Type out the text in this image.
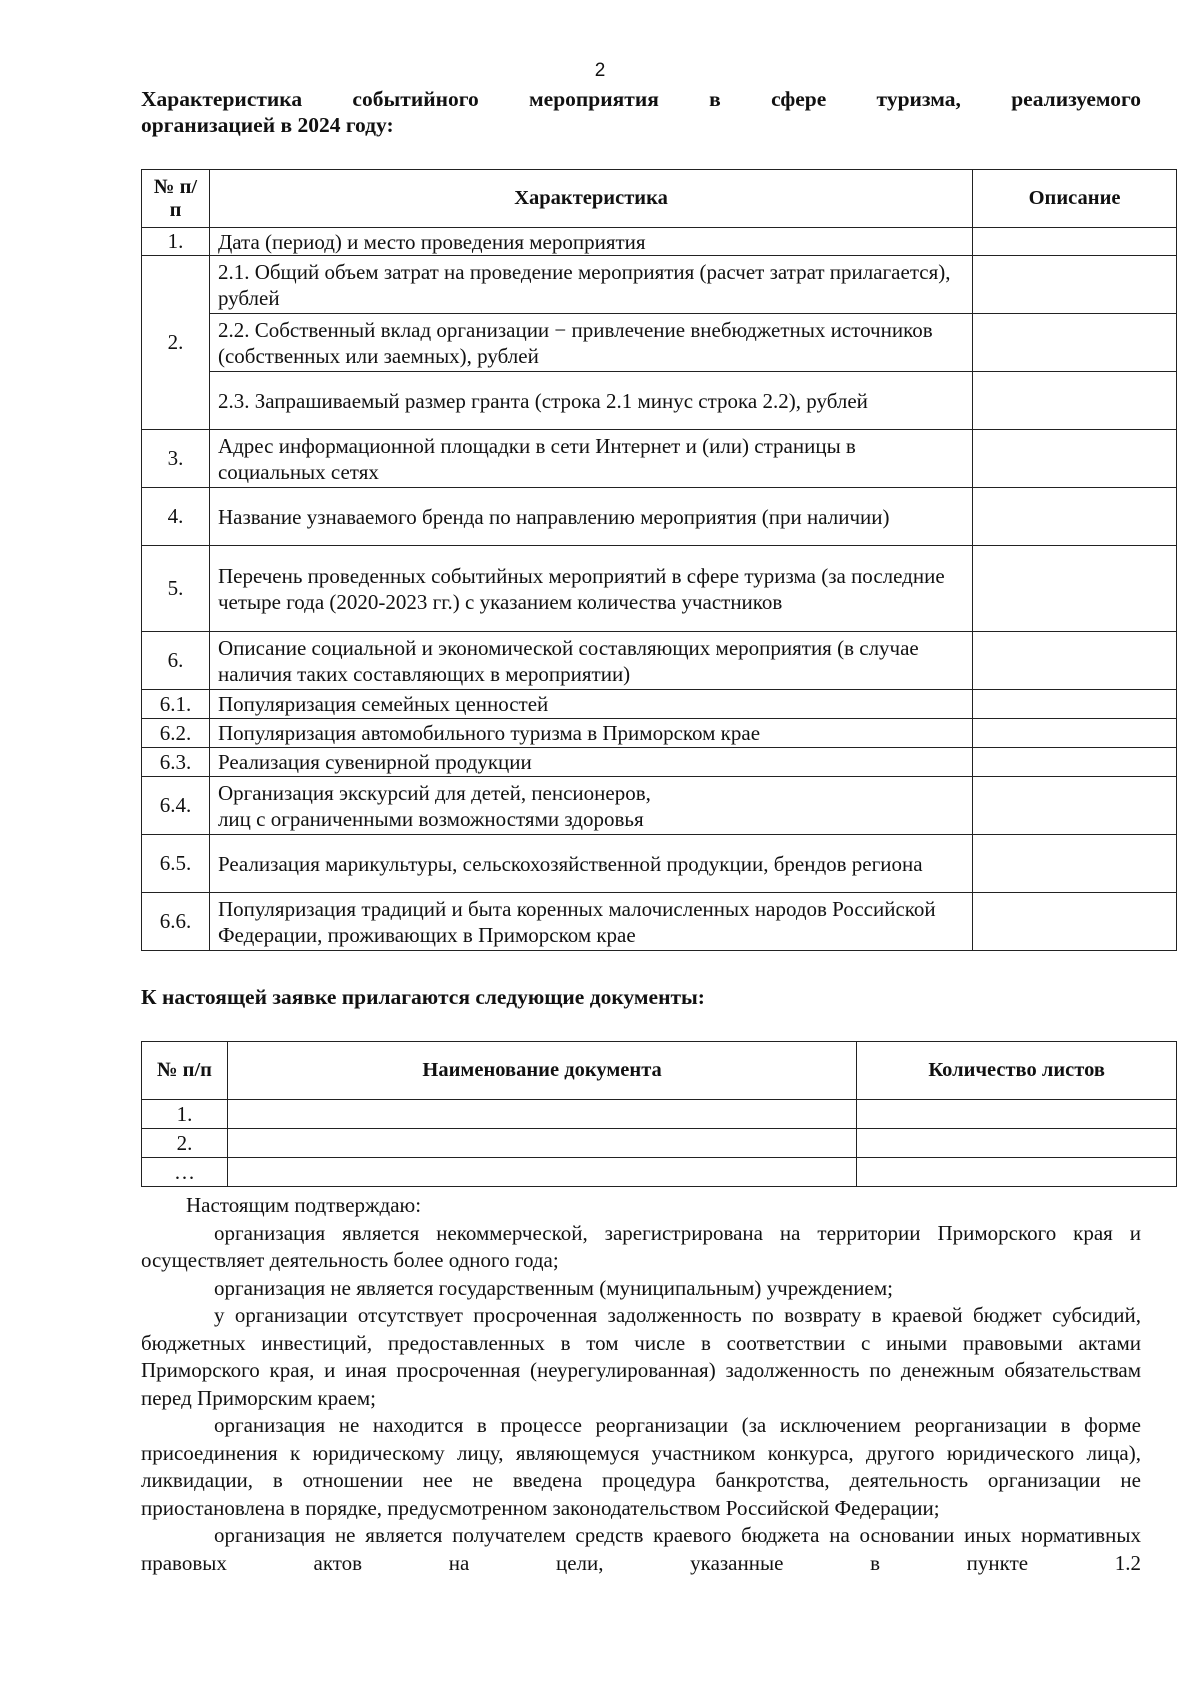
2
Характеристика событийного мероприятия в сфере туризма, реализуемого
организацией в 2024 году:
№ п/п	Характеристика	Описание
1.	Дата (период) и место проведения мероприятия	
2.	2.1. Общий объем затрат на проведение мероприятия (расчет затрат прилагается), рублей	
	2.2. Собственный вклад организации − привлечение внебюджетных источников (собственных или заемных), рублей	
	2.3. Запрашиваемый размер гранта (строка 2.1 минус строка 2.2), рублей	
3.	Адрес информационной площадки в сети Интернет и (или) страницы в социальных сетях	
4.	Название узнаваемого бренда по направлению мероприятия (при наличии)	
5.	Перечень проведенных событийных мероприятий в сфере туризма (за последние четыре года (2020-2023 гг.) с указанием количества участников	
6.	Описание социальной и экономической составляющих мероприятия (в случае наличия таких составляющих в мероприятии)	
6.1.	Популяризация семейных ценностей	
6.2.	Популяризация автомобильного туризма в Приморском крае	
6.3.	Реализация сувенирной продукции	
6.4.	Организация экскурсий для детей, пенсионеров,
лиц с ограниченными возможностями здоровья	

6.5.	Реализация марикультуры, сельскохозяйственной продукции, брендов региона	
6.6.	Популяризация традиций и быта коренных малочисленных народов Российской Федерации, проживающих в Приморском крае	
К настоящей заявке прилагаются следующие документы:
№ п/п	Наименование документа	Количество листов
1.		
2.		
…		

Настоящим подтверждаю:

организация является некоммерческой, зарегистрирована на территории Приморского края и осуществляет деятельность более одного года;

организация не является государственным (муниципальным) учреждением;

у организации отсутствует просроченная задолженность по возврату в краевой бюджет субсидий, бюджетных инвестиций, предоставленных в том числе в соответствии с иными правовыми актами Приморского края, и иная просроченная (неурегулированная) задолженность по денежным обязательствам перед Приморским краем;

организация не находится в процессе реорганизации (за исключением реорганизации в форме присоединения к юридическому лицу, являющемуся участником конкурса, другого юридического лица), ликвидации, в отношении нее не введена процедура банкротства, деятельность организации не приостановлена в порядке, предусмотренном законодательством Российской Федерации;

организация не является получателем средств краевого бюджета на основании иных нормативных правовых актов на цели, указанные в пункте 1.2
